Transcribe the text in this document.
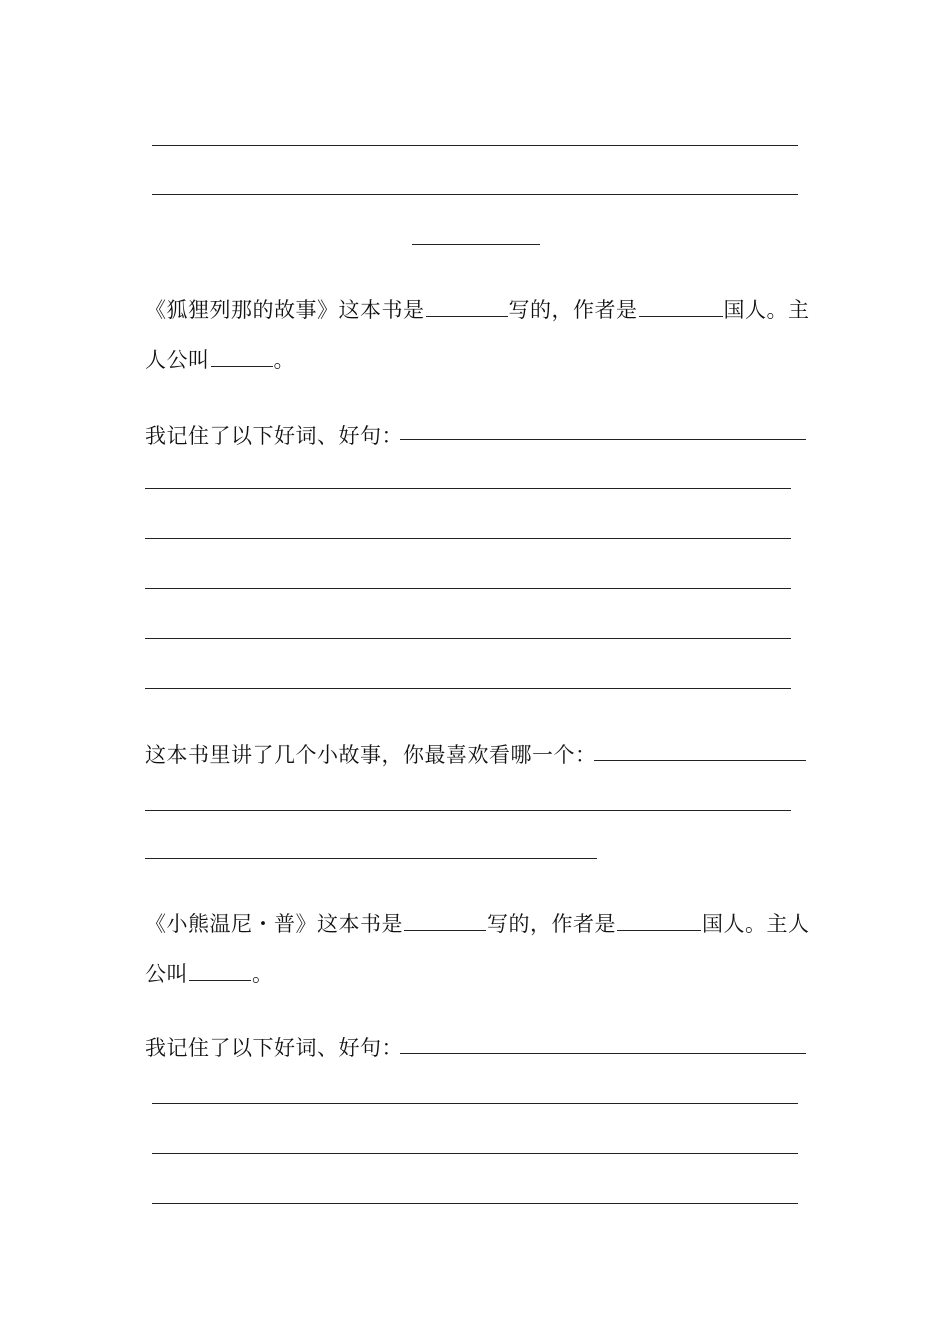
《狐狸列那的故事》这本书是	写的，作者是	国人。主
人公叫	。
我记住了以下好词、好句：
这本书里讲了几个小故事，你最喜欢看哪一个：
《小熊温尼・普》这本书是	写的，作者是	国人。主人
公叫	。
我记住了以下好词、好句：
